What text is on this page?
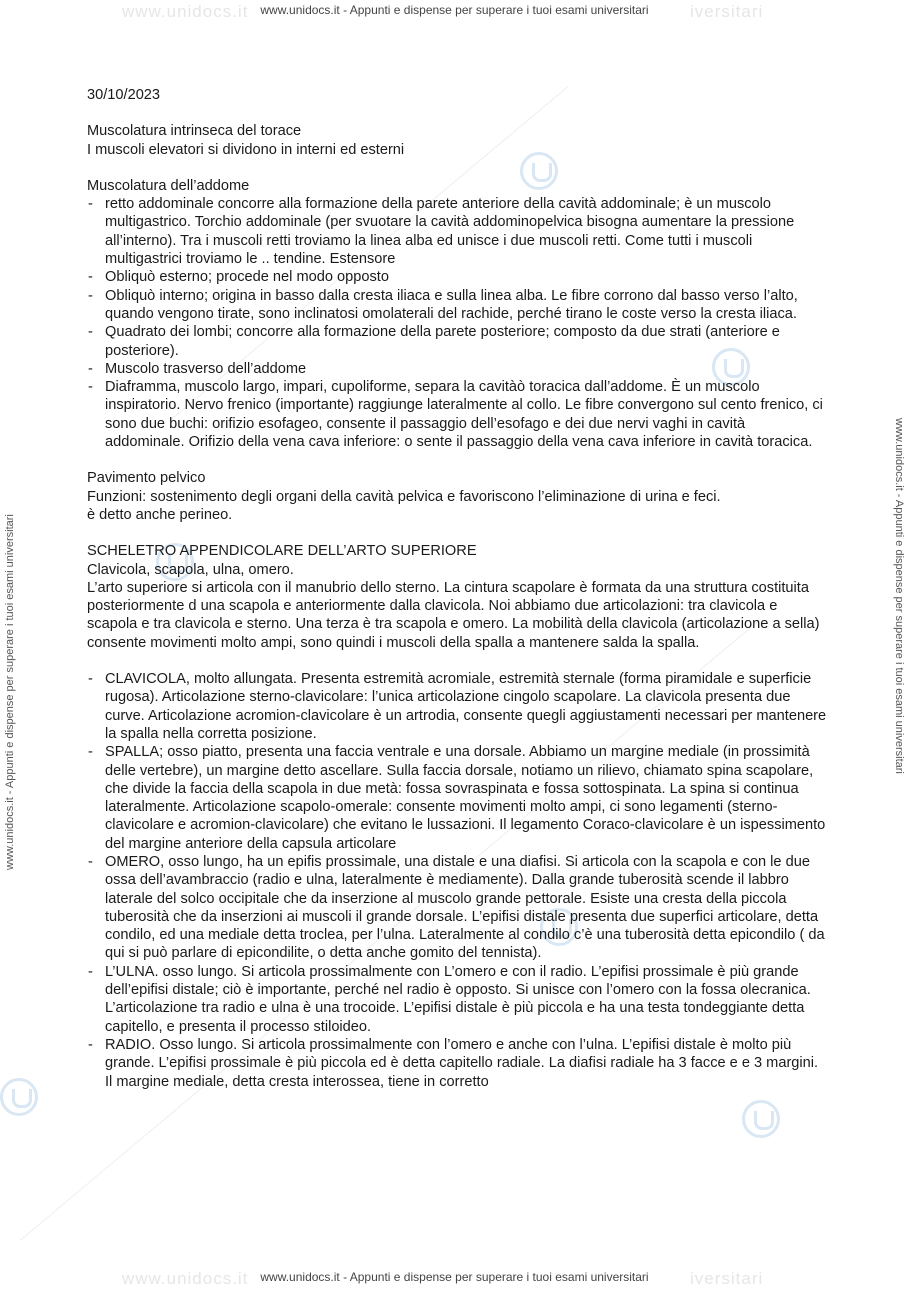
www.unidocs.it	iversitari
www.unidocs.it - Appunti e dispense per superare i tuoi esami universitari
www.unidocs.it	iversitari
www.unidocs.it - Appunti e dispense per superare i tuoi esami universitari
www.unidocs.it - Appunti e dispense per superare i tuoi esami universitari	www.unidocs.it - Appunti e dispense per superare i tuoi esami universitari

30/10/2023

Muscolatura intrinseca del torace

I muscoli elevatori si dividono in interni ed esterni

Muscolatura dell’addome

- retto addominale concorre alla formazione della parete anteriore della cavità addominale; è un muscolo multigastrico. Torchio addominale (per svuotare la cavità addominopelvica bisogna aumentare la pressione all’interno). Tra i muscoli retti troviamo la linea alba ed unisce i due muscoli retti. Come tutti i muscoli multigastrici troviamo le .. tendine. Estensore
- Obliquò esterno; procede nel modo opposto
- Obliquò interno; origina in basso dalla cresta iliaca e sulla linea alba. Le fibre corrono dal basso verso l’alto, quando vengono tirate, sono inclinatosi omolaterali del rachide, perché tirano le coste verso la cresta iliaca.
- Quadrato dei lombi; concorre alla formazione della parete posteriore; composto da due strati (anteriore e posteriore).
- Muscolo trasverso dell’addome
- Diaframma, muscolo largo, impari, cupoliforme, separa la cavitàò toracica dall’addome. È un muscolo inspiratorio. Nervo frenico (importante) raggiunge lateralmente al collo. Le fibre convergono sul cento frenico, ci sono due buchi: orifizio esofageo, consente il passaggio dell’esofago e dei due nervi vaghi in cavità addominale. Orifizio della vena cava inferiore: o sente il passaggio della vena cava inferiore in cavità toracica.

Pavimento pelvico

Funzioni: sostenimento degli organi della cavità pelvica e favoriscono l’eliminazione di urina e feci.

è detto anche perineo.

SCHELETRO APPENDICOLARE DELL’ARTO SUPERIORE

Clavicola, scapola, ulna, omero.

L’arto superiore si articola con il manubrio dello sterno. La cintura scapolare è formata da una struttura costituita posteriormente d una scapola e anteriormente dalla clavicola. Noi abbiamo due articolazioni: tra clavicola e scapola e tra clavicola e sterno. Una terza è tra scapola e omero. La mobilità della clavicola (articolazione a sella) consente movimenti molto ampi, sono quindi i muscoli della spalla a mantenere salda la spalla.

- CLAVICOLA, molto allungata. Presenta estremità acromiale, estremità sternale (forma piramidale e superficie rugosa). Articolazione sterno-clavicolare: l’unica articolazione cingolo scapolare. La clavicola presenta due curve. Articolazione acromion-clavicolare è un artrodia, consente quegli aggiustamenti necessari per mantenere la spalla nella corretta posizione.
- SPALLA; osso piatto, presenta una faccia ventrale e una dorsale. Abbiamo un margine mediale (in prossimità delle vertebre), un margine detto ascellare. Sulla faccia dorsale, notiamo un rilievo, chiamato spina scapolare, che divide la faccia della scapola in due metà: fossa sovraspinata e fossa sottospinata. La spina si continua lateralmente. Articolazione scapolo-omerale: consente movimenti molto ampi, ci sono legamenti (sterno-clavicolare e acromion-clavicolare) che evitano le lussazioni. Il legamento Coraco-clavicolare è un ispessimento del margine anteriore della capsula articolare
- OMERO, osso lungo, ha un epifis prossimale, una distale e una diafisi. Si articola con la scapola e con le due ossa dell’avambraccio (radio e ulna, lateralmente è mediamente). Dalla grande tuberosità scende il labbro laterale del solco occipitale che da inserzione al muscolo grande pettorale. Esiste una cresta della piccola tuberosità che da inserzioni ai muscoli il grande dorsale. L’epifisi distale presenta due superfici articolare, detta condilo, ed una mediale detta troclea, per l’ulna. Lateralmente al condilo c’è una tuberosità detta epicondilo ( da qui si può parlare di epicondilite, o detta anche gomito del tennista).
- L’ULNA. osso lungo. Si articola prossimalmente con L’omero e con il radio. L’epifisi prossimale è più grande dell’epifisi distale; ciò è importante, perché nel radio è opposto. Si unisce con l’omero con la fossa olecranica. L’articolazione tra radio e ulna è una trocoide. L’epifisi distale è più piccola e ha una testa tondeggiante detta capitello, e presenta il processo stiloideo.
- RADIO. Osso lungo. Si articola prossimalmente con l’omero e anche con l’ulna. L’epifisi distale è molto più grande. L’epifisi prossimale è più piccola ed è detta capitello radiale. La diafisi radiale ha 3 facce e e 3 margini. Il margine mediale, detta cresta interossea, tiene in corretto
